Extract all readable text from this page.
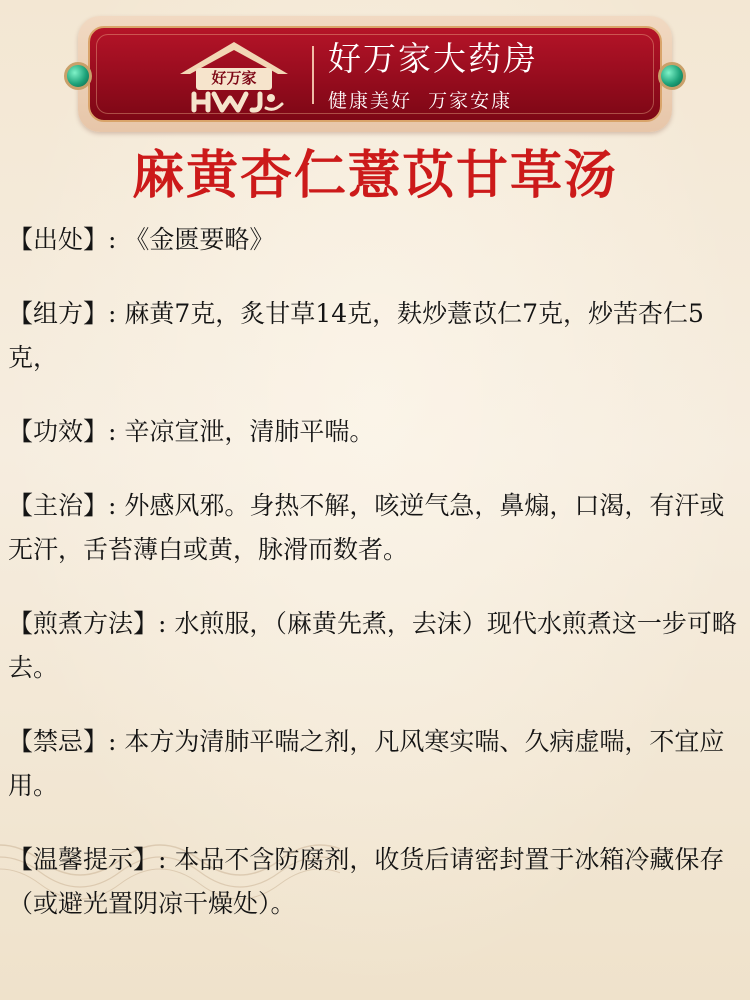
好万家	好万家大药房
健康美好  万家安康
麻黄杏仁薏苡甘草汤

【出处】: 《金匮要略》

【组方】: 麻黄7克，炙甘草14克，麸炒薏苡仁7克，炒苦杏仁5克，

【功效】: 辛凉宣泄，清肺平喘。

【主治】: 外感风邪。身热不解，咳逆气急，鼻煽，口渴，有汗或无汗，舌苔薄白或黄，脉滑而数者。

【煎煮方法】: 水煎服，（麻黄先煮，去沫）现代水煎煮这一步可略去。

【禁忌】: 本方为清肺平喘之剂，凡风寒实喘、久病虚喘，不宜应用。

【温馨提示】: 本品不含防腐剂，收货后请密封置于冰箱冷藏保存（或避光置阴凉干燥处）。
